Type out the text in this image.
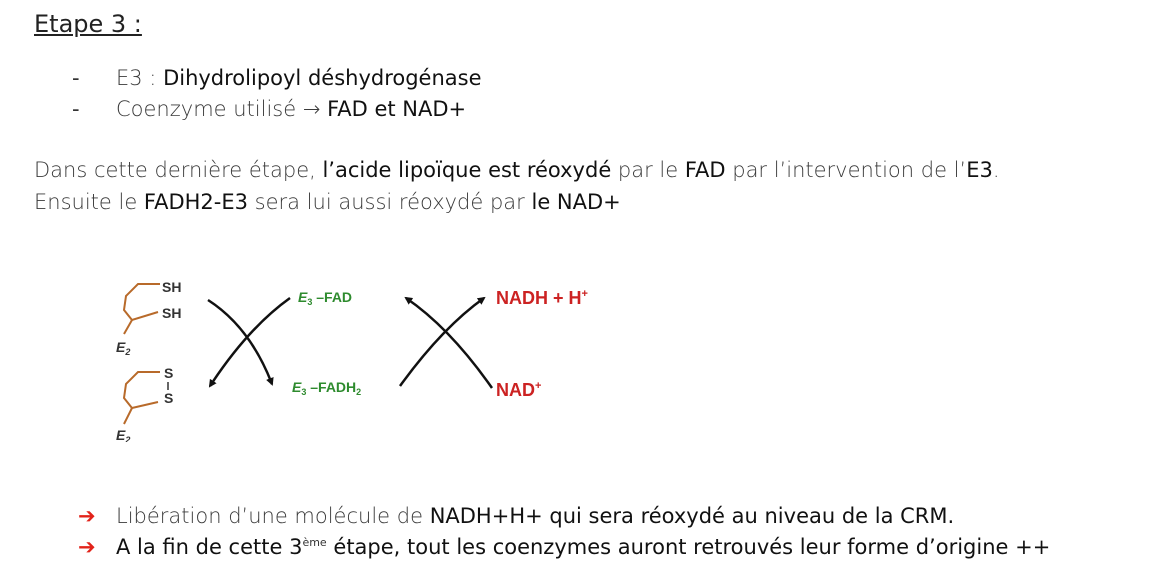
Etape 3 :
- E3 : Dihydrolipoyl déshydrogénase
- Coenzyme utilisé → FAD et NAD+
Dans cette dernière étape, l’acide lipoïque est réoxydé par le FAD par l’intervention de l’E3.
Ensuite le FADH2-E3 sera lui aussi réoxydé par le NAD+
SH
SH
$E_2$
S
S
$E_2$
$E_3$ –FAD
$E_3$ $-FADH_2$
NADH + H+
NAD+
➔ Libération d’une molécule de NADH+H+ qui sera réoxydé au niveau de la CRM.
➔ A la fin de cette 3ème étape, tout les coenzymes auront retrouvés leur forme d’origine ++
